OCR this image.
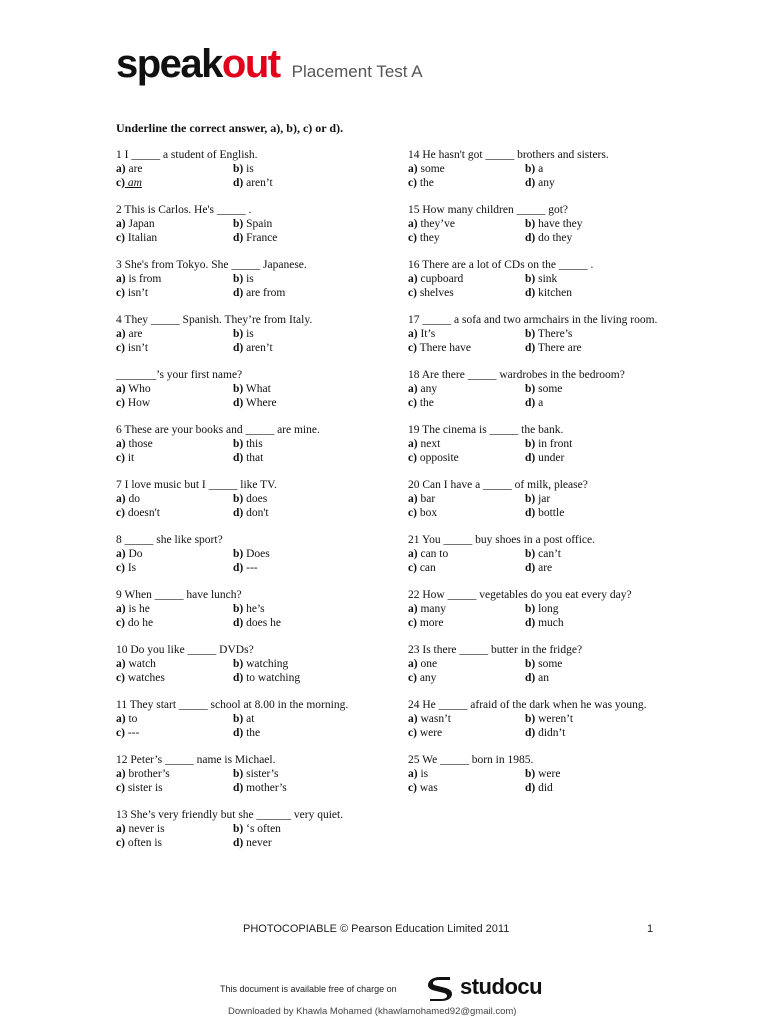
speakout Placement Test A
Underline the correct answer, a), b), c) or d).
1 I _____ a student of English.
a) are	b) is
c) am	d) aren’t
2 This is Carlos. He's _____ .
a) Japan	b) Spain
c) Italian	d) France
3 She's from Tokyo. She _____ Japanese.
a) is from	b) is
c) isn’t	d) are from
4 They _____ Spanish. They’re from Italy.
a) are	b) is
c) isn’t	d) aren’t
_______’s your first name?
a) Who	b) What
c) How	d) Where
6 These are your books and _____ are mine.
a) those	b) this
c) it	d) that
7 I love music but I _____ like TV.
a) do	b) does
c) doesn't	d) don't
8 _____ she like sport?
a) Do	b) Does
c) Is	d) ---
9 When _____ have lunch?
a) is he	b) he’s
c) do he	d) does he
10 Do you like _____ DVDs?
a) watch	b) watching
c) watches	d) to watching
11 They start _____ school at 8.00 in the morning.
a) to	b) at
c) ---	d) the
12 Peter’s _____ name is Michael.
a) brother’s	b) sister’s
c) sister is	d) mother’s
13 She’s very friendly but she ______ very quiet.
a) never is	b) ‘s often
c) often is	d) never
14 He hasn't got _____ brothers and sisters.
a) some	b) a
c) the	d) any
15 How many children _____ got?
a) they’ve	b) have they
c) they	d) do they
16 There are a lot of CDs on the _____ .
a) cupboard	b) sink
c) shelves	d) kitchen
17 _____ a sofa and two armchairs in the living room.
a) It’s	b) There’s
c) There have	d) There are
18 Are there _____ wardrobes in the bedroom?
a) any	b) some
c) the	d) a
19 The cinema is _____ the bank.
a) next	b) in front
c) opposite	d) under
20 Can I have a _____ of milk, please?
a) bar	b) jar
c) box	d) bottle
21 You _____ buy shoes in a post office.
a) can to	b) can’t
c) can	d) are
22 How _____ vegetables do you eat every day?
a) many	b) long
c) more	d) much
23 Is there _____ butter in the fridge?
a) one	b) some
c) any	d) an
24 He _____ afraid of the dark when he was young.
a) wasn’t	b) weren’t
c) were	d) didn’t
25 We _____ born in 1985.
a) is	b) were
c) was	d) did
PHOTOCOPIABLE © Pearson Education Limited 2011	1
This document is available free of charge on	studocu
Downloaded by Khawla Mohamed (khawlamohamed92@gmail.com)
